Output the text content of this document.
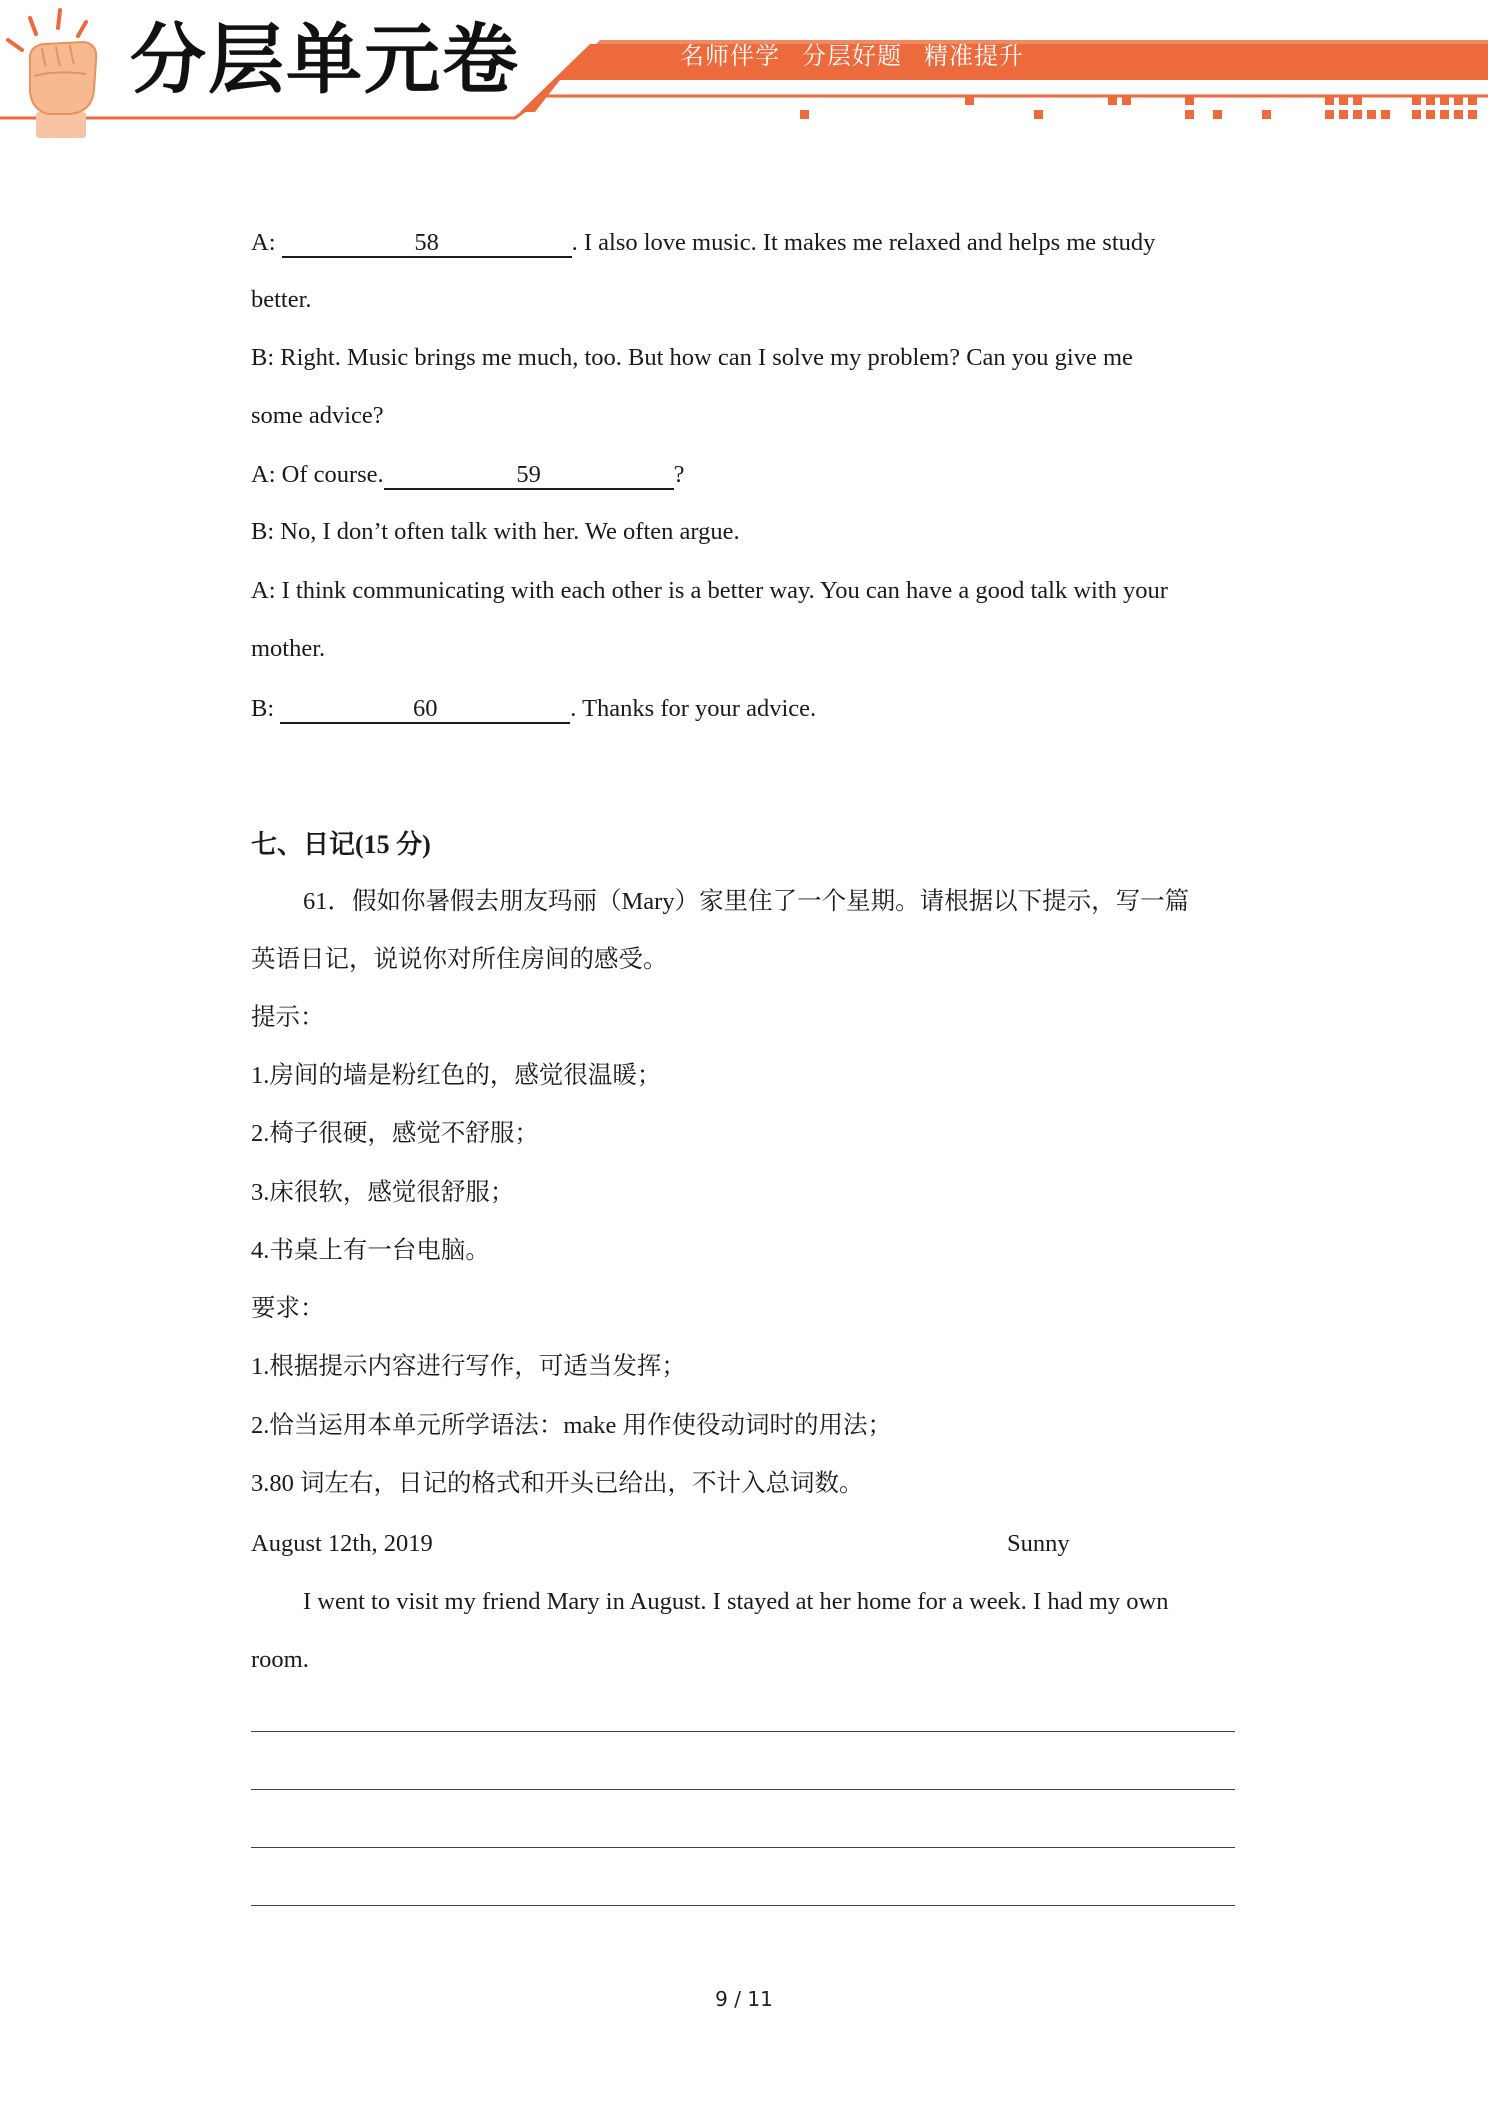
分层单元卷	名师伴学 分层好题 精准提升
A:	58	. I also love music. It makes me relaxed and helps me study
better.
B: Right. Music brings me much, too. But how can I solve my problem? Can you give me
some advice?
A: Of course.	59	?
B: No, I don’t often talk with her. We often argue.
A: I think communicating with each other is a better way. You can have a good talk with your
mother.
B:	60	. Thanks for your advice.
七、日记(15 分)
61．假如你暑假去朋友玛丽（Mary）家里住了一个星期。请根据以下提示，写一篇
英语日记，说说你对所住房间的感受。
提示：
1.房间的墙是粉红色的，感觉很温暖；
2.椅子很硬，感觉不舒服；
3.床很软，感觉很舒服；
4.书桌上有一台电脑。
要求：
1.根据提示内容进行写作，可适当发挥；
2.恰当运用本单元所学语法：make 用作使役动词时的用法；
3.80 词左右，日记的格式和开头已给出，不计入总词数。
August 12th, 2019	Sunny
I went to visit my friend Mary in August. I stayed at her home for a week. I had my own
room.
9 / 11
